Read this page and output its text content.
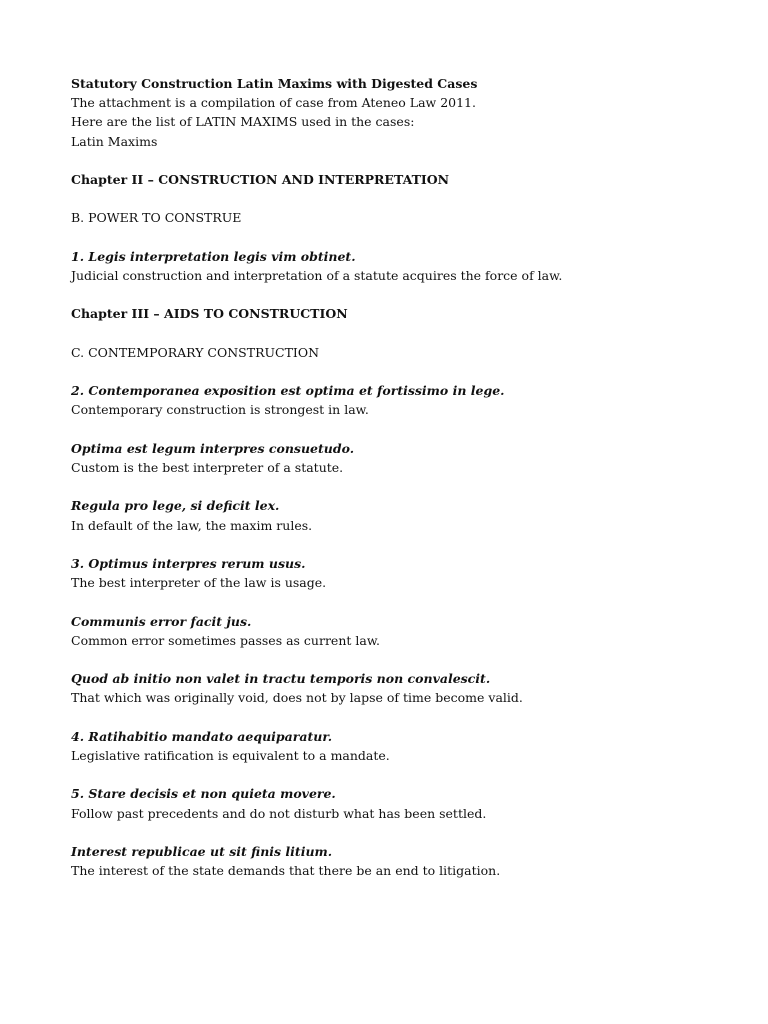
Statutory Construction Latin Maxims with Digested Cases
The attachment is a compilation of case from Ateneo Law 2011.
Here are the list of LATIN MAXIMS used in the cases:
Latin Maxims
Chapter II – CONSTRUCTION AND INTERPRETATION
B. POWER TO CONSTRUE
1. Legis interpretation legis vim obtinet.
Judicial construction and interpretation of a statute acquires the force of law.
Chapter III – AIDS TO CONSTRUCTION
C. CONTEMPORARY CONSTRUCTION
2. Contemporanea exposition est optima et fortissimo in lege.
Contemporary construction is strongest in law.
Optima est legum interpres consuetudo.
Custom is the best interpreter of a statute.
Regula pro lege, si deficit lex.
In default of the law, the maxim rules.
3. Optimus interpres rerum usus.
The best interpreter of the law is usage.
Communis error facit jus.
Common error sometimes passes as current law.
Quod ab initio non valet in tractu temporis non convalescit.
That which was originally void, does not by lapse of time become valid.
4. Ratihabitio mandato aequiparatur.
Legislative ratification is equivalent to a mandate.
5. Stare decisis et non quieta movere.
Follow past precedents and do not disturb what has been settled.
Interest republicae ut sit finis litium.
The interest of the state demands that there be an end to litigation.
